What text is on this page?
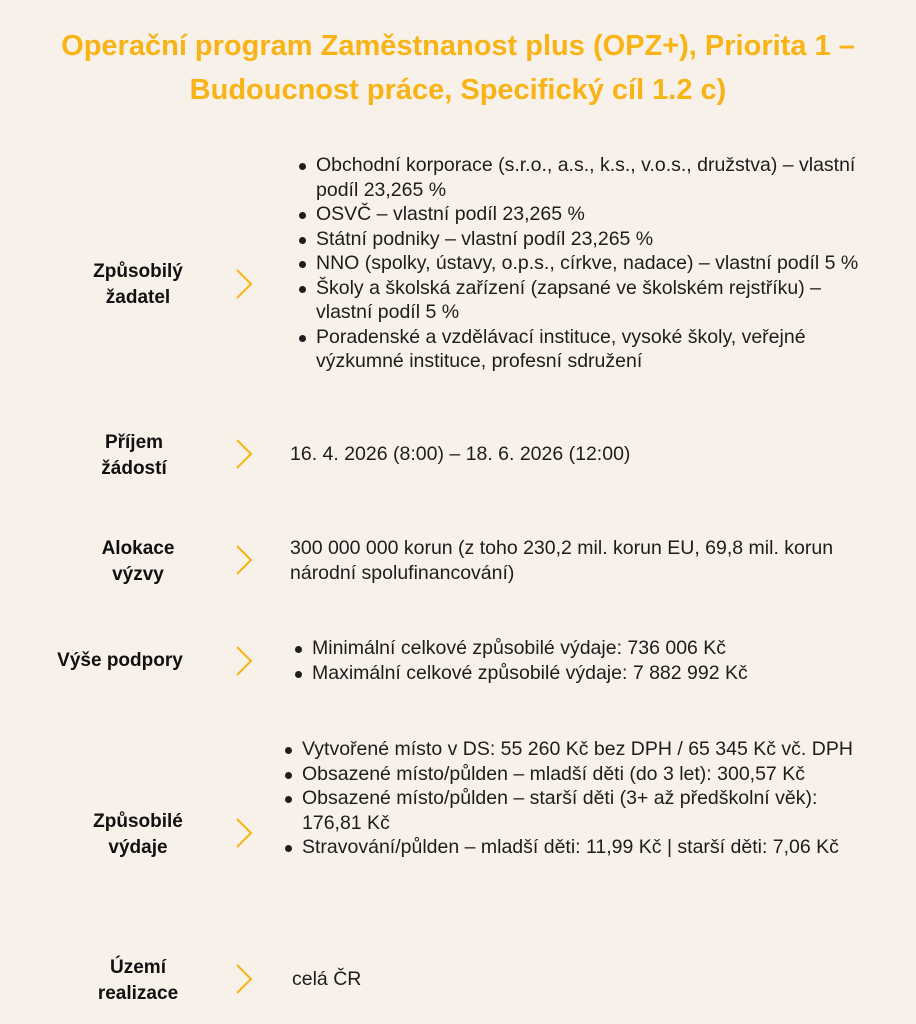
Operační program Zaměstnanost plus (OPZ+), Priorita 1 –
Budoucnost práce, Specifický cíl 1.2 c)
Způsobilý
žadatel
Obchodní korporace (s.r.o., a.s., k.s., v.o.s., družstva) – vlastní podíl 23,265 %
OSVČ – vlastní podíl 23,265 %
Státní podniky – vlastní podíl 23,265 %
NNO (spolky, ústavy, o.p.s., církve, nadace) – vlastní podíl 5 %
Školy a školská zařízení (zapsané ve školském rejstříku) – vlastní podíl 5 %
Poradenské a vzdělávací instituce, vysoké školy, veřejné výzkumné instituce, profesní sdružení
Příjem
žádostí
16. 4. 2026 (8:00) – 18. 6. 2026 (12:00)
Alokace
výzvy
300 000 000 korun (z toho 230,2 mil. korun EU, 69,8 mil. korun národní spolufinancování)
Výše podpory
Minimální celkové způsobilé výdaje: 736 006 Kč
Maximální celkové způsobilé výdaje: 7 882 992 Kč
Způsobilé
výdaje
Vytvořené místo v DS: 55 260 Kč bez DPH / 65 345 Kč vč. DPH
Obsazené místo/půlden – mladší děti (do 3 let): 300,57 Kč
Obsazené místo/půlden – starší děti (3+ až předškolní věk): 176,81 Kč
Stravování/půlden – mladší děti: 11,99 Kč | starší děti: 7,06 Kč
Území
realizace
celá ČR
